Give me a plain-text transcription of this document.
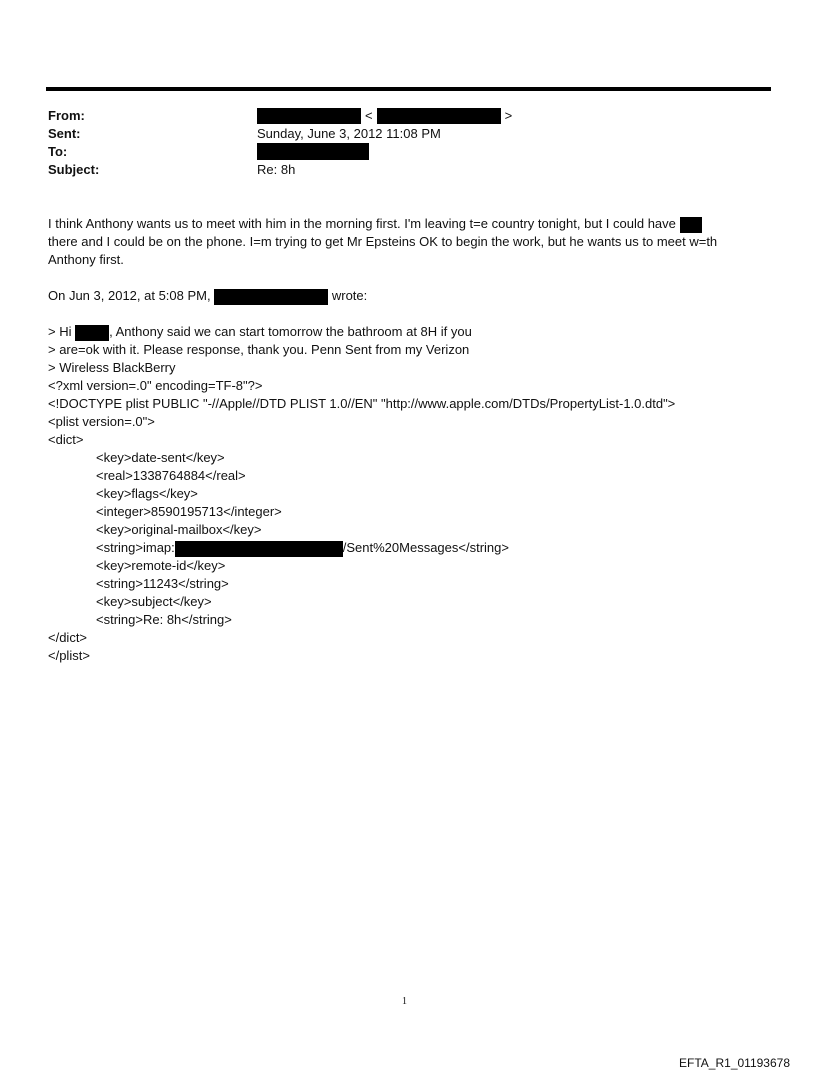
From:	<	>
Sent:	Sunday, June 3, 2012 11:08 PM
To:
Subject:	Re: 8h
I think Anthony wants us to meet with him in the morning first. I'm leaving t=e country tonight, but I could have
there and I could be on the phone. I=m trying to get Mr Epsteins OK to begin the work, but he wants us to meet w=th
Anthony first.
On Jun 3, 2012, at 5:08 PM,	wrote:
> Hi	, Anthony said we can start tomorrow the bathroom at 8H if you
> are=ok with it. Please response, thank you. Penn Sent from my Verizon
> Wireless BlackBerry
<?xml version=.0" encoding=TF-8"?>
<!DOCTYPE plist PUBLIC "-//Apple//DTD PLIST 1.0//EN" "http://www.apple.com/DTDs/PropertyList-1.0.dtd">
<plist version=.0">
<dict>
<key>date-sent</key>
<real>1338764884</real>
<key>flags</key>
<integer>8590195713</integer>
<key>original-mailbox</key>
<string>imap:	/Sent%20Messages</string>
<key>remote-id</key>
<string>11243</string>
<key>subject</key>
<string>Re: 8h</string>
</dict>
</plist>
1
EFTA_R1_01193678
